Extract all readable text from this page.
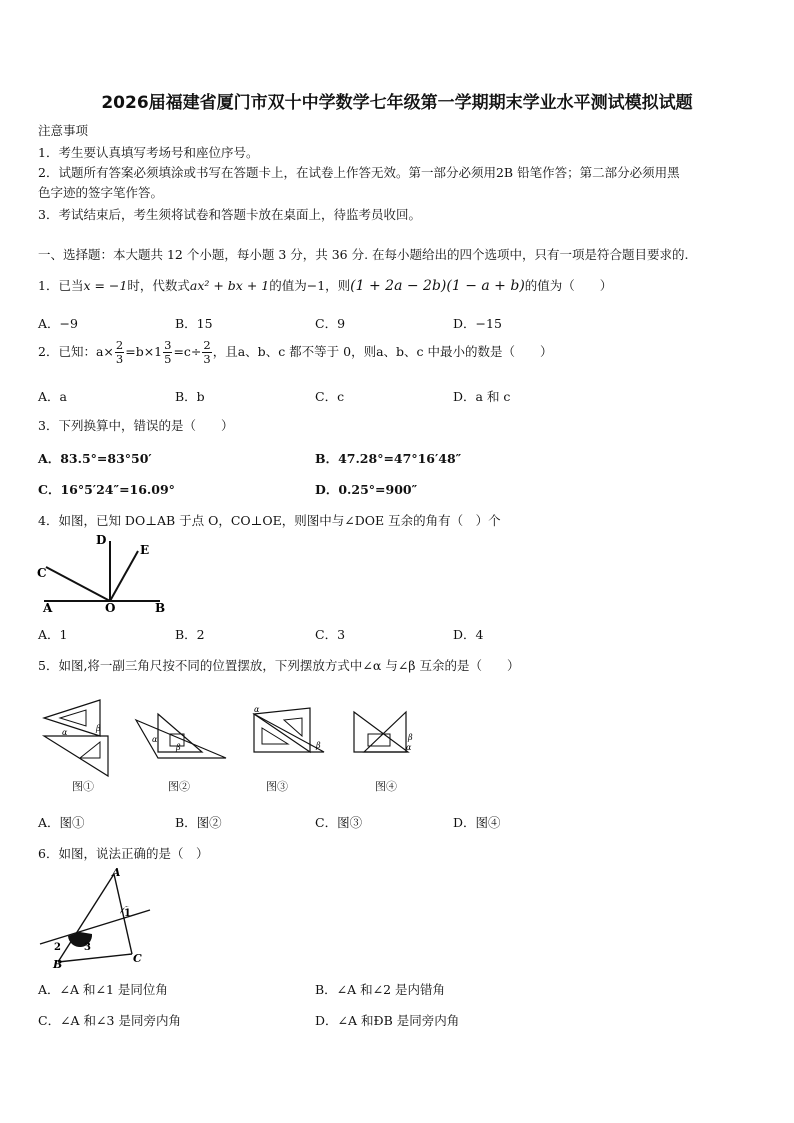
2026届福建省厦门市双十中学数学七年级第一学期期末学业水平测试模拟试题
注意事项
1．考生要认真填写考场号和座位序号。
2．试题所有答案必须填涂或书写在答题卡上，在试卷上作答无效。第一部分必须用2B 铅笔作答；第二部分必须用黑
色字迹的签字笔作答。
3．考试结束后，考生须将试卷和答题卡放在桌面上，待监考员收回。
一、选择题：本大题共 12 个小题，每小题 3 分，共 36 分. 在每小题给出的四个选项中，只有一项是符合题目要求的.
1．已当x = −1时，代数式ax² + bx + 1的值为−1，则(1 + 2a − 2b)(1 − a + b)的值为（　　）
A．−9	B．15	C．9	D．−15
2．已知：$a\times \frac{2}{3} =b\times 1 \frac{3}{5} =c\div \frac{2}{3}$ ，且a、b、c 都不等于 0，则a、b、c 中最小的数是（　　）
A．a	B．b	C．c	D．a 和 c
3．下列换算中，错误的是（　　）
A．83.5°=83°50′	B．47.28°=47°16′48″
C．16°5′24″=16.09°	D．0.25°=900″
4．如图，已知 DO⊥AB 于点 O，CO⊥OE，则图中与∠DOE 互余的角有（　）个
A	O	B
C
D
E
A．1	B．2	C．3	D．4
5．如图,将一副三角尺按不同的位置摆放，下列摆放方式中∠α 与∠β 互余的是（　　）
α	β
图①
α
β
图②
α
β
图③
β
α
图④
A．图①	B．图②	C．图③	D．图④
6．如图，说法正确的是（　）
A
B	C
1
2 3
A．∠A 和∠1 是同位角	B．∠A 和∠2 是内错角
C．∠A 和∠3 是同旁内角	D．∠A 和ÐB 是同旁内角
